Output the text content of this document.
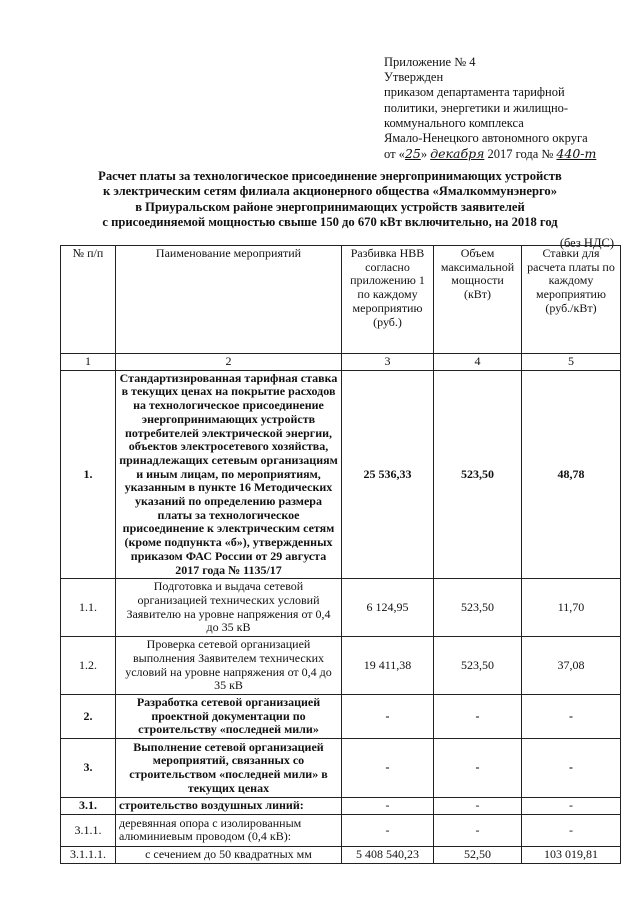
Приложение № 4
Утвержден
приказом департамента тарифной
политики, энергетики и жилищно-
коммунального комплекса
Ямало-Ненецкого автономного округа
от «25» декабря 2017 года № 440-т
Расчет платы за технологическое присоединение энергопринимающих устройств
к электрическим сетям филиала акционерного общества «Ямалкоммунэнерго»
в Приуральском районе энергопринимающих устройств заявителей
с присоединяемой мощностью свыше 150 до 670 кВт включительно, на 2018 год
(без НДС)
№ п/п	Паименование мероприятий	Разбивка НВВ согласно приложению 1 по каждому мероприятию (руб.)	Объем максимальной мощности (кВт)	Ставки для расчета платы по каждому мероприятию (руб./кВт)
1	2	3	4	5
1.	Стандартизированная тарифная ставка в текущих ценах на покрытие расходов на технологическое присоединение энергопринимающих устройств потребителей электрической энергии, объектов электросетевого хозяйства, принадлежащих сетевым организациям и иным лицам, по мероприятиям, указанным в пункте 16 Методических указаний по определению размера платы за технологическое присоединение к электрическим сетям (кроме подпункта «б»), утвержденных приказом ФАС России от 29 августа 2017 года № 1135/17	25 536,33	523,50	48,78
1.1.	Подготовка и выдача сетевой организацией технических условий Заявителю на уровне напряжения от 0,4 до 35 кВ	6 124,95	523,50	11,70
1.2.	Проверка сетевой организацией выполнения Заявителем технических условий на уровне напряжения от 0,4 до 35 кВ	19 411,38	523,50	37,08
2.	Разработка сетевой организацией проектной документации по строительству «последней мили»	-	-	-
3.	Выполнение сетевой организацией мероприятий, связанных со строительством «последней мили» в текущих ценах	-	-	-
3.1.	строительство воздушных линий:	-	-	-
3.1.1.	деревянная опора с изолированным алюминиевым проводом (0,4 кВ):	-	-	-
3.1.1.1.	с сечением до 50 квадратных мм	5 408 540,23	52,50	103 019,81
